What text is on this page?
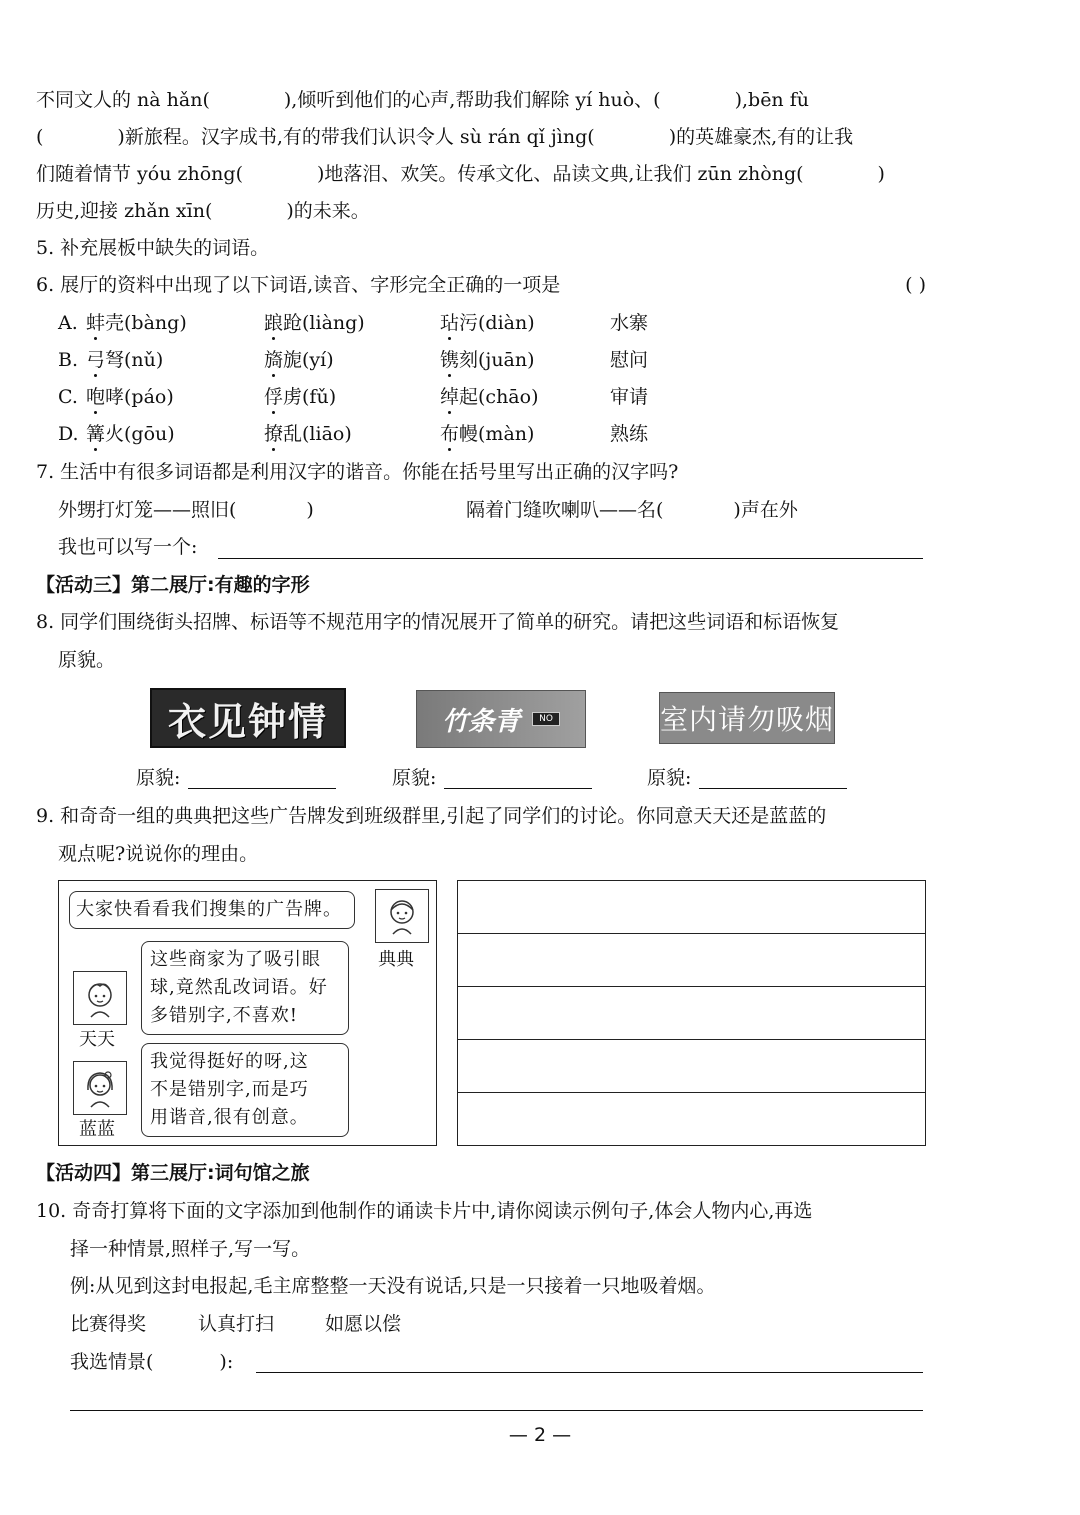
不同文人的 nà hǎn(	),倾听到他们的心声,帮助我们解除 yí huò、(	),bēn fù
(	)新旅程。汉字成书,有的带我们认识令人 sù rán qǐ jìng(	)的英雄豪杰,有的让我
们随着情节 yóu zhōng(	)地落泪、欢笑。传承文化、品读文典,让我们 zūn zhòng(	)
历史,迎接 zhǎn xīn(	)的未来。
5. 补充展板中缺失的词语。
6. 展厅的资料中出现了以下词语,读音、字形完全正确的一项是	( )
A. 蚌壳(bàng)	踉跄(liàng)	玷污(diàn)	水寨
B. 弓弩(nǔ)	旖旎(yí)	镌刻(juān)	慰问
C. 咆哮(páo)	俘虏(fǔ)	绰起(chāo)	审请
D. 篝火(gōu)	撩乱(liāo)	布幔(màn)	熟练
7. 生活中有很多词语都是利用汉字的谐音。你能在括号里写出正确的汉字吗?
外甥打灯笼——照旧(	)	隔着门缝吹喇叭——名(	)声在外
我也可以写一个:
【活动三】第二展厅:有趣的字形
8. 同学们围绕街头招牌、标语等不规范用字的情况展开了简单的研究。请把这些词语和标语恢复
原貌。
衣见钟情	竹条青	NO	室内请勿吸烟
原貌:	原貌:	原貌:
9. 和奇奇一组的典典把这些广告牌发到班级群里,引起了同学们的讨论。你同意天天还是蓝蓝的
观点呢?说说你的理由。
大家快看看我们搜集的广告牌。
典典
这些商家为了吸引眼
球,竟然乱改词语。好
多错别字,不喜欢!
天天
我觉得挺好的呀,这
不是错别字,而是巧
用谐音,很有创意。
蓝蓝
【活动四】第三展厅:词句馆之旅
10. 奇奇打算将下面的文字添加到他制作的诵读卡片中,请你阅读示例句子,体会人物内心,再选
择一种情景,照样子,写一写。
例:从见到这封电报起,毛主席整整一天没有说话,只是一只接着一只地吸着烟。
比赛得奖	认真打扫	如愿以偿
我选情景(	):
— 2 —
